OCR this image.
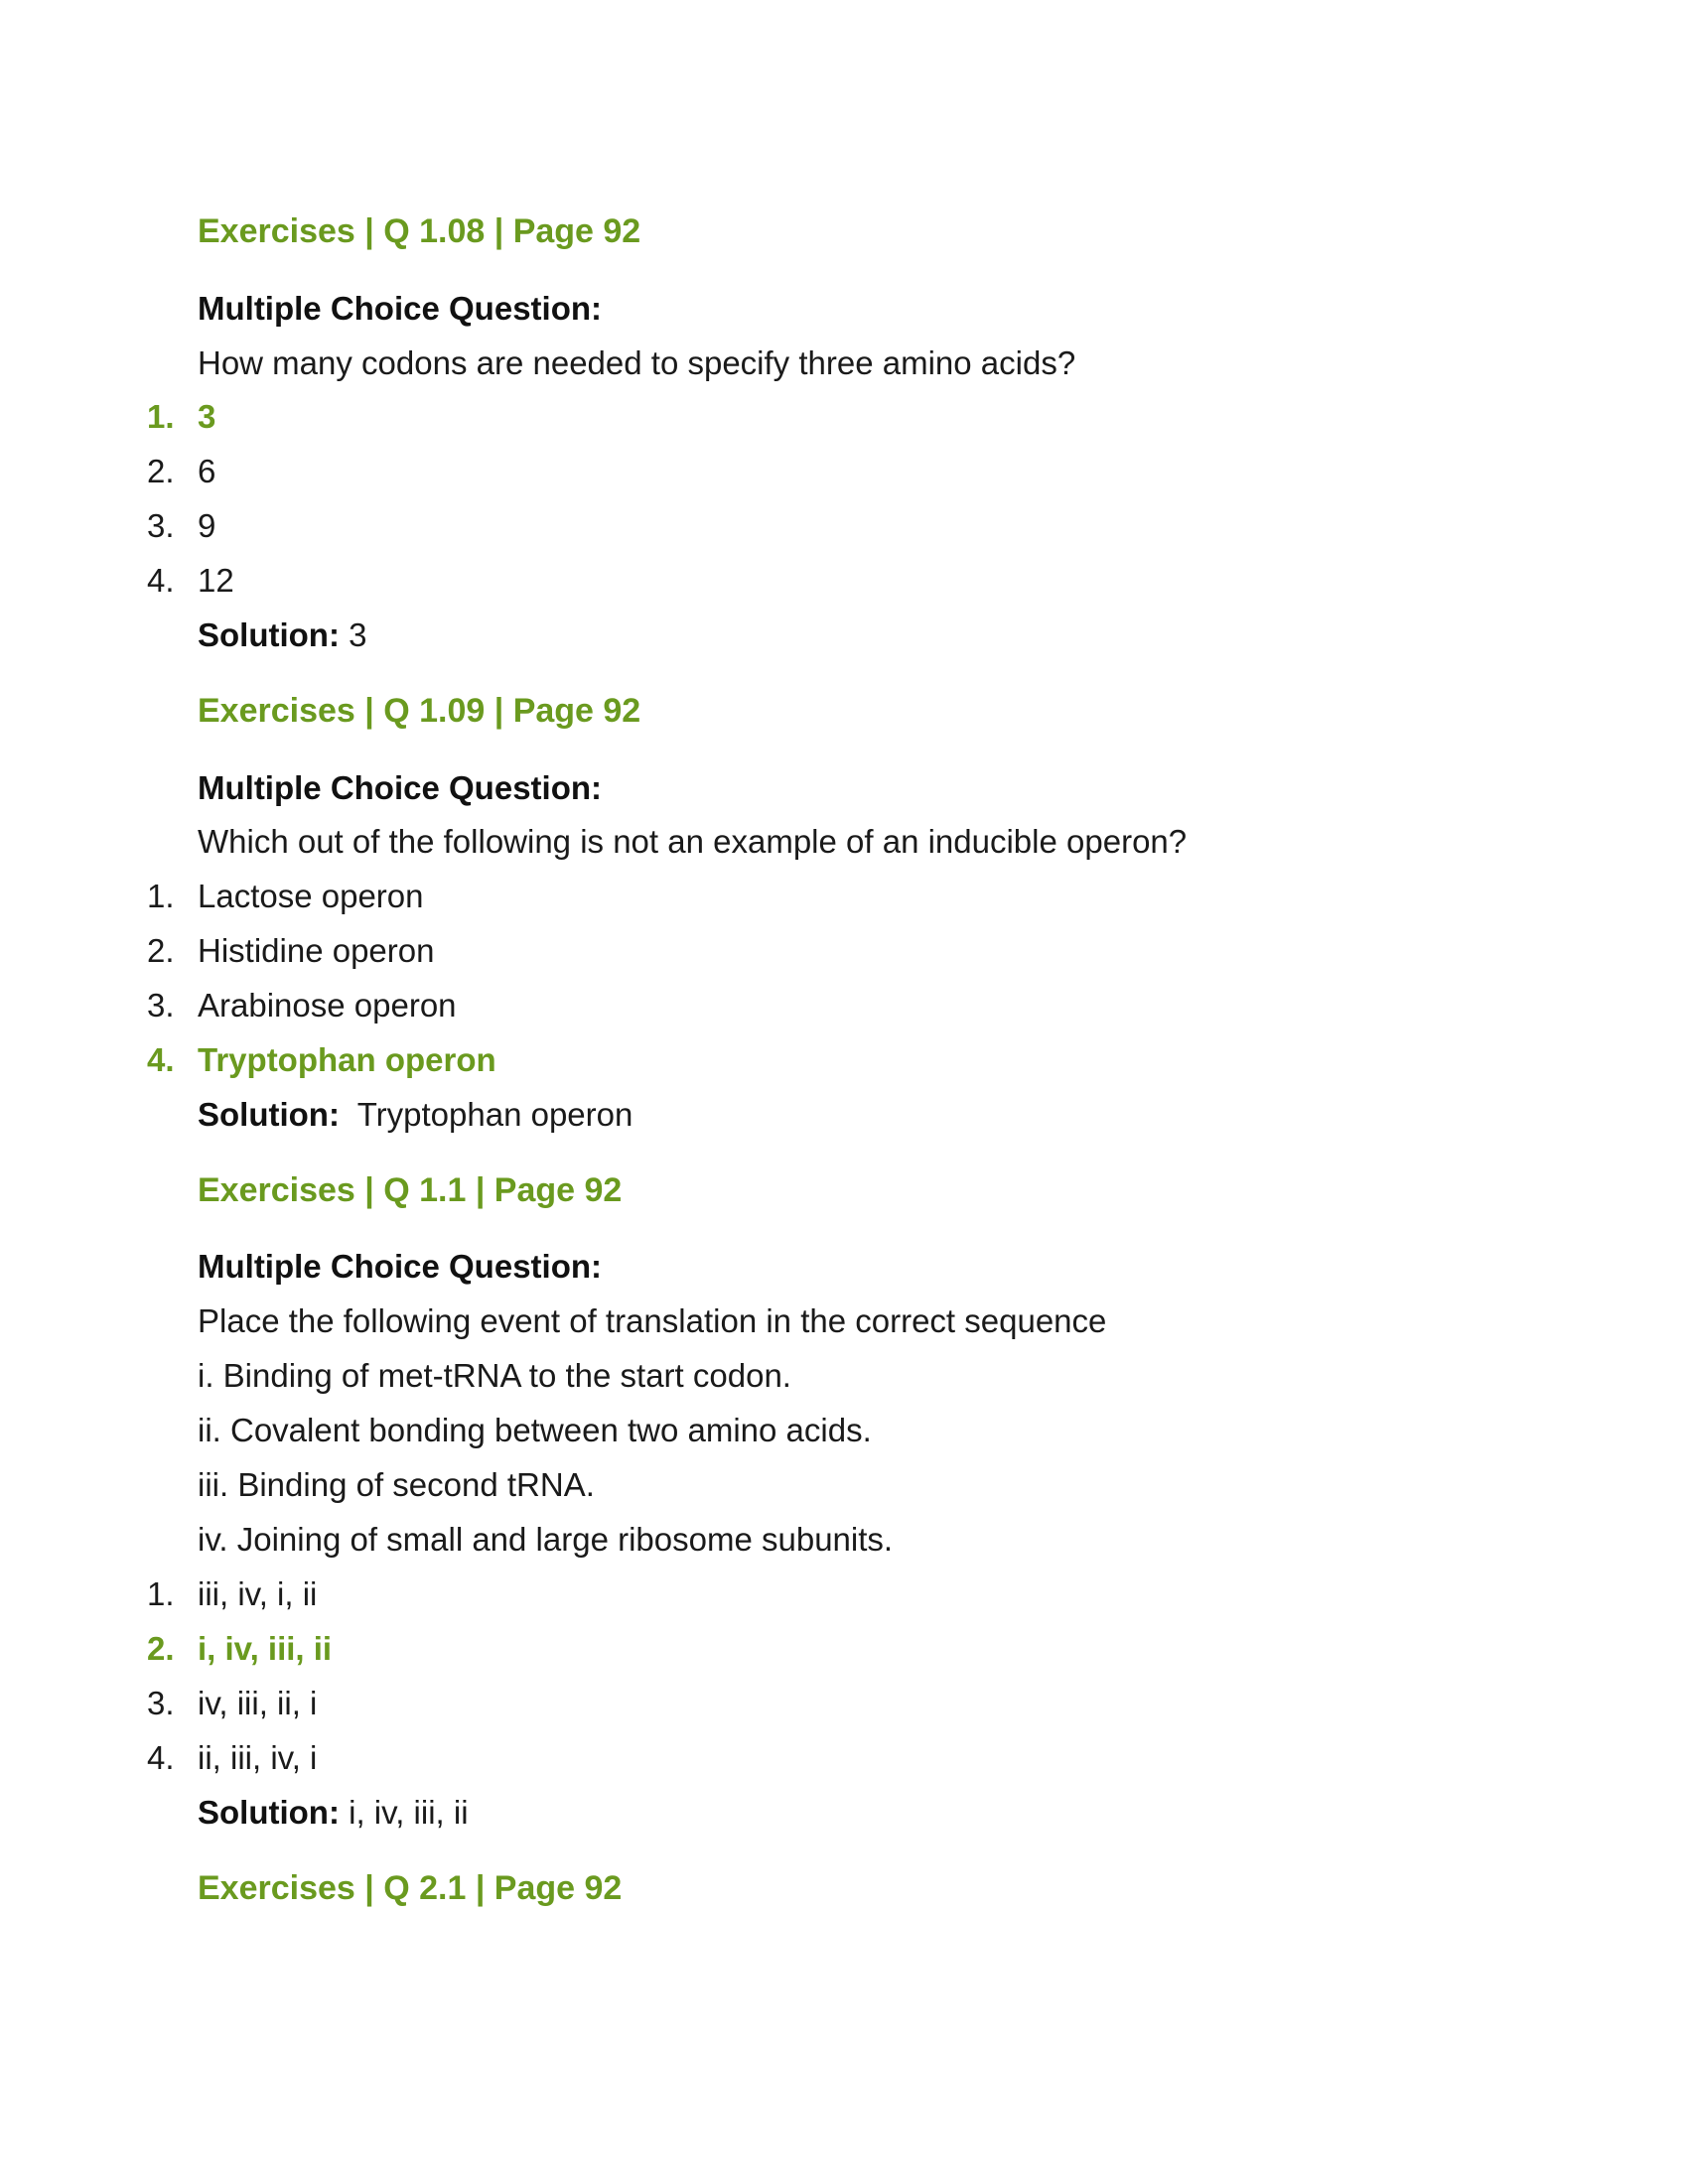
Exercises | Q 1.08 | Page 92
Multiple Choice Question:
How many codons are needed to specify three amino acids?
1. 3
2. 6
3. 9
4. 12
Solution: 3
Exercises | Q 1.09 | Page 92
Multiple Choice Question:
Which out of the following is not an example of an inducible operon?
1. Lactose operon
2. Histidine operon
3. Arabinose operon
4. Tryptophan operon
Solution: Tryptophan operon
Exercises | Q 1.1 | Page 92
Multiple Choice Question:
Place the following event of translation in the correct sequence
i. Binding of met-tRNA to the start codon.
ii. Covalent bonding between two amino acids.
iii. Binding of second tRNA.
iv. Joining of small and large ribosome subunits.
1. iii, iv, i, ii
2. i, iv, iii, ii
3. iv, iii, ii, i
4. ii, iii, iv, i
Solution: i, iv, iii, ii
Exercises | Q 2.1 | Page 92
